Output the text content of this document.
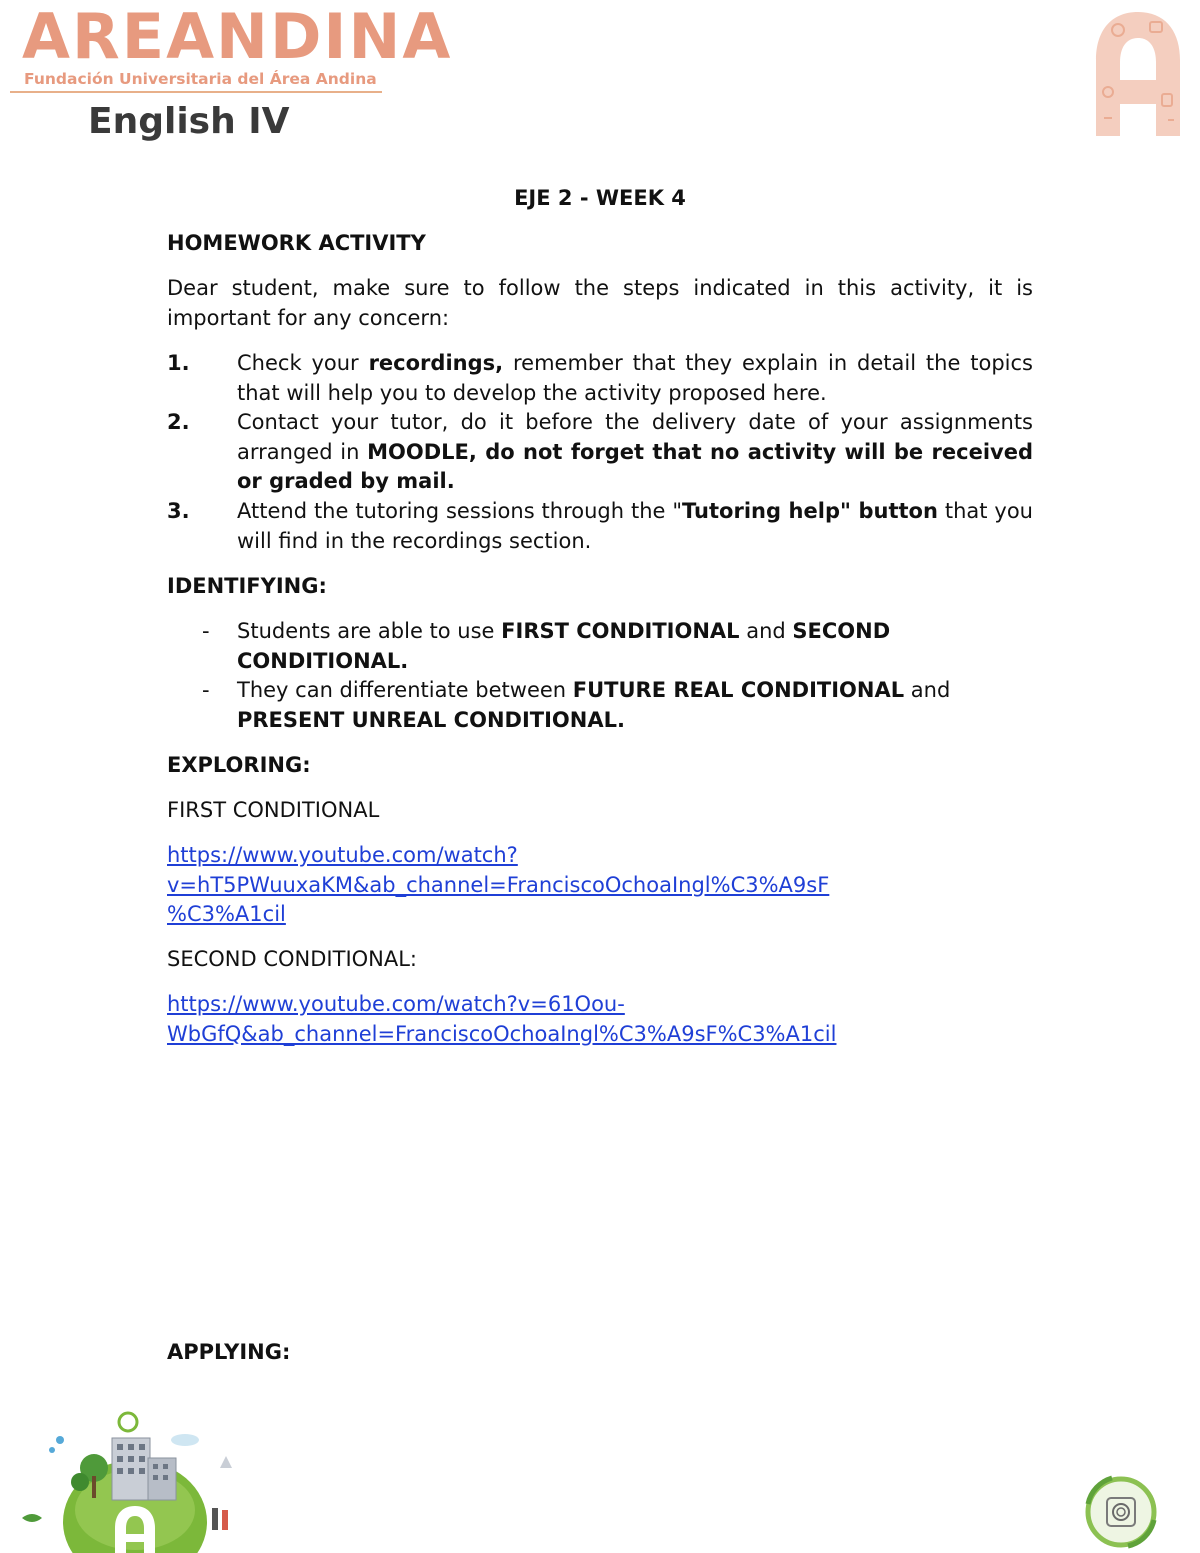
AREANDINA
Fundación Universitaria del Área Andina
English IV

EJE 2 - WEEK 4

HOMEWORK ACTIVITY

Dear student, make sure to follow the steps indicated in this activity, it is important for any concern:

1. Check your recordings, remember that they explain in detail the topics that will help you to develop the activity proposed here.
2. Contact your tutor, do it before the delivery date of your assignments arranged in MOODLE, do not forget that no activity will be received or graded by mail.
3. Attend the tutoring sessions through the "Tutoring help" button that you will find in the recordings section.

IDENTIFYING:

- Students are able to use FIRST CONDITIONAL and SECOND CONDITIONAL.
- They can differentiate between FUTURE REAL CONDITIONAL and PRESENT UNREAL CONDITIONAL.

EXPLORING:

FIRST CONDITIONAL

https://www.youtube.com/watch?
v=hT5PWuuxaKM&ab_channel=FranciscoOchoaIngl%C3%A9sF
%C3%A1cil

SECOND CONDITIONAL:

https://www.youtube.com/watch?v=61Oou-
WbGfQ&ab_channel=FranciscoOchoaIngl%C3%A9sF%C3%A1cil

APPLYING:
